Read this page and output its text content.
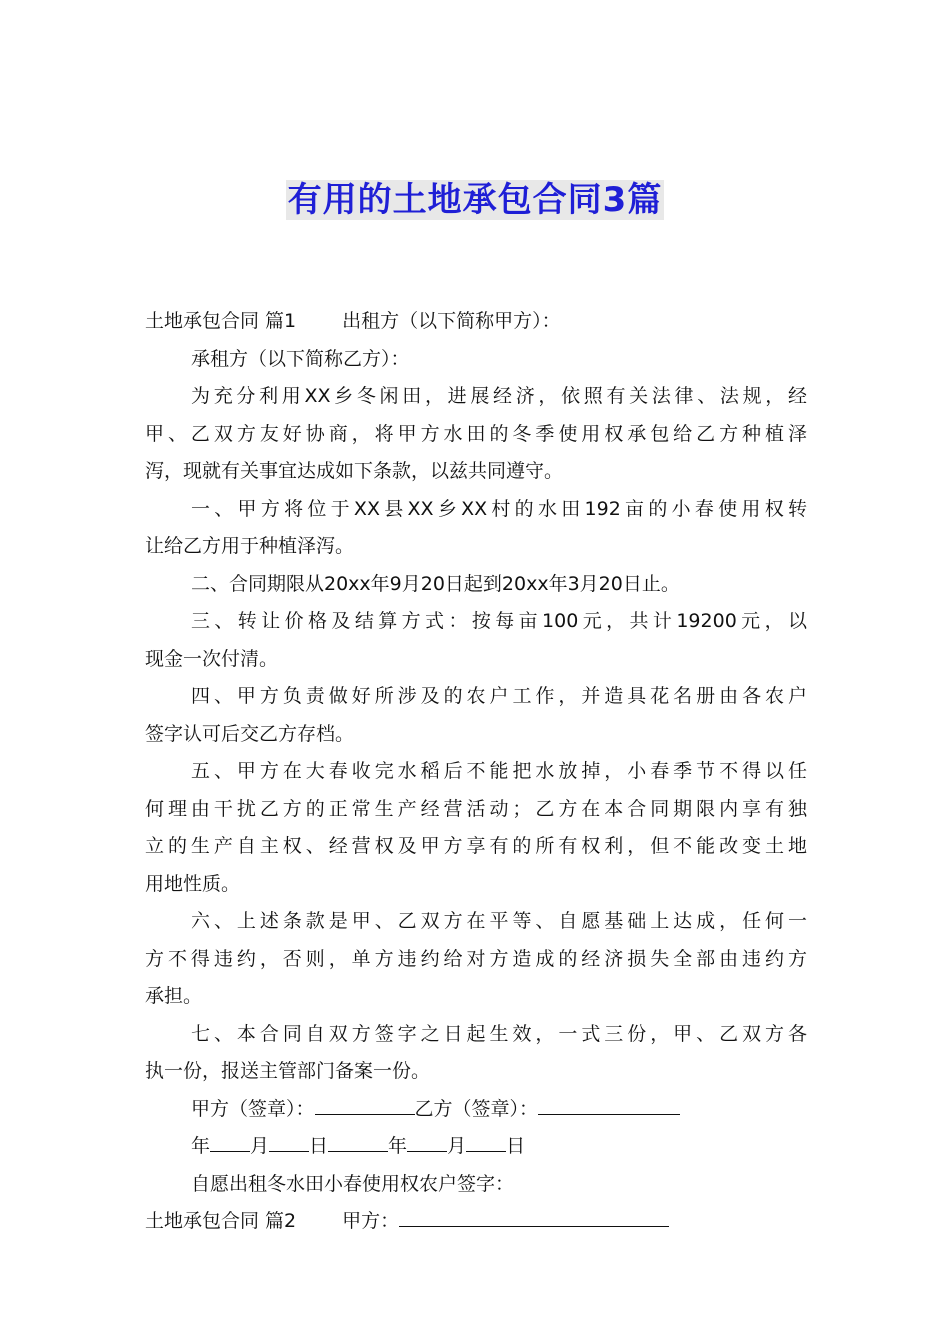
有用的土地承包合同3篇
土地承包合同 篇1 出租方（以下简称甲方）：
承租方（以下简称乙方）：
为充分利用XX乡冬闲田，进展经济，依照有关法律、法规，经
甲、乙双方友好协商，将甲方水田的冬季使用权承包给乙方种植泽
泻，现就有关事宜达成如下条款，以兹共同遵守。
一、甲方将位于XX县XX乡XX村的水田192亩的小春使用权转
让给乙方用于种植泽泻。
二、合同期限从20xx年9月20日起到20xx年3月20日止。
三、转让价格及结算方式：按每亩100元，共计19200元，以
现金一次付清。
四、甲方负责做好所涉及的农户工作，并造具花名册由各农户
签字认可后交乙方存档。
五、甲方在大春收完水稻后不能把水放掉，小春季节不得以任
何理由干扰乙方的正常生产经营活动；乙方在本合同期限内享有独
立的生产自主权、经营权及甲方享有的所有权利，但不能改变土地
用地性质。
六、上述条款是甲、乙双方在平等、自愿基础上达成，任何一
方不得违约，否则，单方违约给对方造成的经济损失全部由违约方
承担。
七、本合同自双方签字之日起生效，一式三份，甲、乙双方各
执一份，报送主管部门备案一份。
甲方（签章）：	乙方（签章）：
年 月 日	年 月 日
自愿出租冬水田小春使用权农户签字：
土地承包合同 篇2 甲方：
